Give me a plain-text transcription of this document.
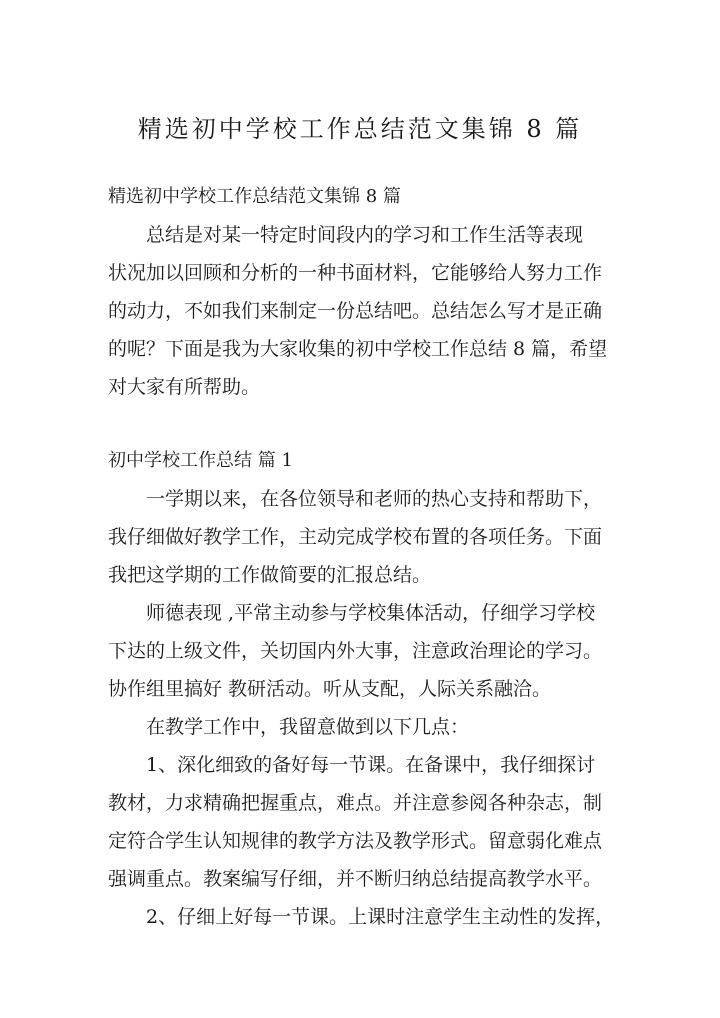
精选初中学校工作总结范文集锦 8 篇

精选初中学校工作总结范文集锦 8 篇

　　总结是对某一特定时间段内的学习和工作生活等表现

状况加以回顾和分析的一种书面材料，它能够给人努力工作

的动力，不如我们来制定一份总结吧。总结怎么写才是正确

的呢？下面是我为大家收集的初中学校工作总结 8 篇，希望

对大家有所帮助。

初中学校工作总结 篇 1

　　一学期以来，在各位领导和老师的热心支持和帮助下，

我仔细做好教学工作，主动完成学校布置的各项任务。下面

我把这学期的工作做简要的汇报总结。

　　师德表现 ,平常主动参与学校集体活动，仔细学习学校

下达的上级文件，关切国内外大事，注意政治理论的学习。

协作组里搞好 教研活动。听从支配，人际关系融洽。

　　在教学工作中，我留意做到以下几点：

　　1、深化细致的备好每一节课。在备课中，我仔细探讨

教材，力求精确把握重点，难点。并注意参阅各种杂志，制

定符合学生认知规律的教学方法及教学形式。留意弱化难点

强调重点。教案编写仔细，并不断归纳总结提高教学水平。

　　2、仔细上好每一节课。上课时注意学生主动性的发挥，
